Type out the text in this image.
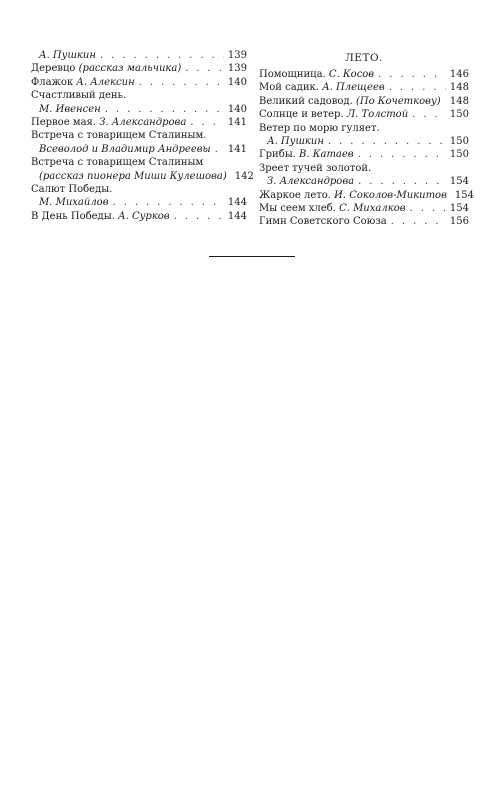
А. Пушкин . . .	139
Деревцо (рассказ мальчика) . . .	139
Флажок А. Алексин . . .	140
Счастливый день.
М. Ивенсен . . .	140
Первое мая. З. Александрова . . .	141
Встреча с товарищем Сталиным.
Всеволод и Владимир Андреевы . . . 141
Встреча с товарищем Сталиным
(рассказ пионера Миши Кулешова) 142
Салют Победы.
М. Михайлов . . .	144
В День Победы. А. Сурков . . .	144
ЛЕТО.
Помощница. С. Косов . . .	146
Мой садик. А. Плещеев . . .	148
Великий садовод. (По Кочеткову) 148
Солнце и ветер. Л. Толстой . . .	150
Ветер по морю гуляет.
А. Пушкин . . .	150
Грибы. В. Катаев . . .	150
Зреет тучей золотой.
З. Александрова . . .	154
Жаркое лето. И. Соколов-Микитов 154
Мы сеем хлеб. С. Михалков . . .	154
Гимн Советского Союза . . .	156
